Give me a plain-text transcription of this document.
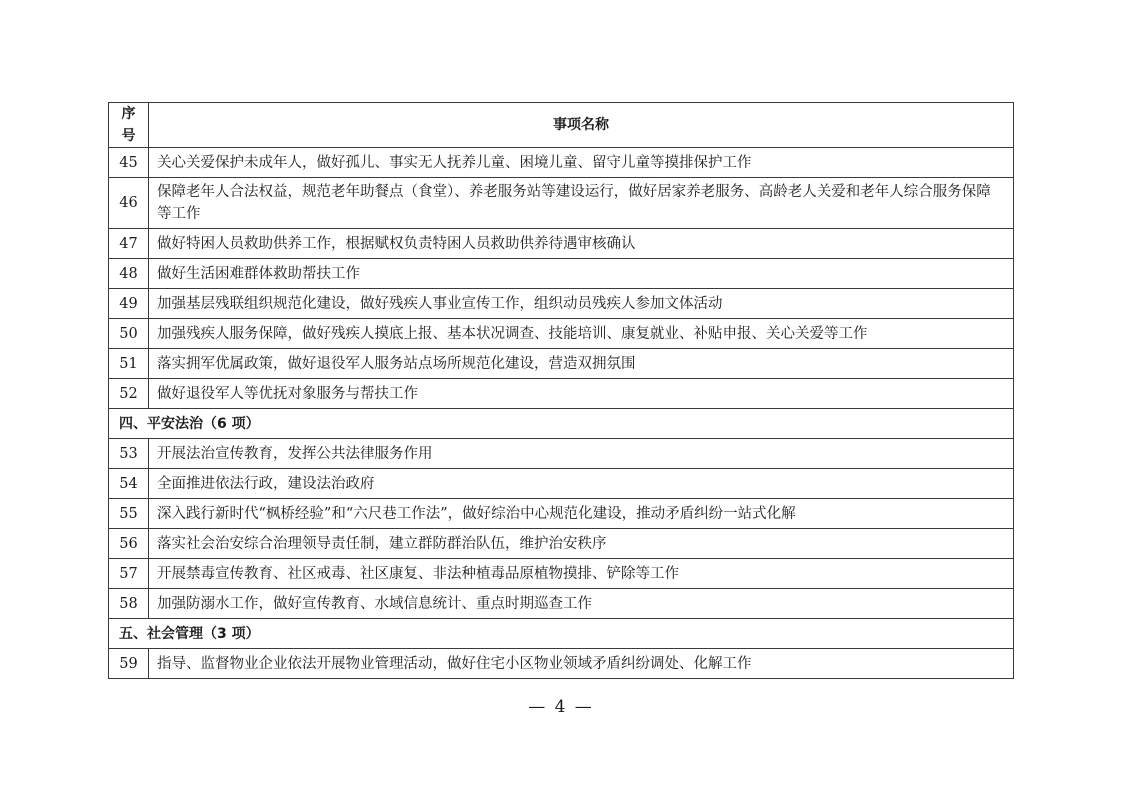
序号	事项名称
45	关心关爱保护未成年人，做好孤儿、事实无人抚养儿童、困境儿童、留守儿童等摸排保护工作
46	保障老年人合法权益，规范老年助餐点（食堂）、养老服务站等建设运行，做好居家养老服务、高龄老人关爱和老年人综合服务保障等工作
47	做好特困人员救助供养工作，根据赋权负责特困人员救助供养待遇审核确认
48	做好生活困难群体救助帮扶工作
49	加强基层残联组织规范化建设，做好残疾人事业宣传工作，组织动员残疾人参加文体活动
50	加强残疾人服务保障，做好残疾人摸底上报、基本状况调查、技能培训、康复就业、补贴申报、关心关爱等工作
51	落实拥军优属政策，做好退役军人服务站点场所规范化建设，营造双拥氛围
52	做好退役军人等优抚对象服务与帮扶工作
四、平安法治（6 项）	
53	开展法治宣传教育，发挥公共法律服务作用
54	全面推进依法行政，建设法治政府
55	深入践行新时代“枫桥经验”和“六尺巷工作法”，做好综治中心规范化建设，推动矛盾纠纷一站式化解
56	落实社会治安综合治理领导责任制，建立群防群治队伍，维护治安秩序
57	开展禁毒宣传教育、社区戒毒、社区康复、非法种植毒品原植物摸排、铲除等工作
58	加强防溺水工作，做好宣传教育、水域信息统计、重点时期巡查工作
五、社会管理（3 项）	
59	指导、监督物业企业依法开展物业管理活动，做好住宅小区物业领域矛盾纠纷调处、化解工作
— 4 —
